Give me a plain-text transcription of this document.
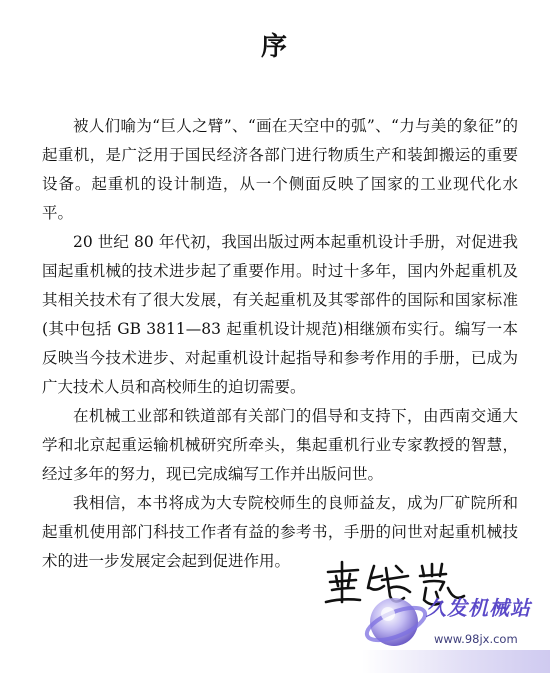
序

被人们喻为“巨人之臂”、“画在天空中的弧”、“力与美的象征”的起重机，是广泛用于国民经济各部门进行物质生产和装卸搬运的重要设备。起重机的设计制造，从一个侧面反映了国家的工业现代化水平。

20 世纪 80 年代初，我国出版过两本起重机设计手册，对促进我国起重机械的技术进步起了重要作用。时过十多年，国内外起重机及其相关技术有了很大发展，有关起重机及其零部件的国际和国家标准(其中包括 GB 3811—83 起重机设计规范)相继颁布实行。编写一本反映当今技术进步、对起重机设计起指导和参考作用的手册，已成为广大技术人员和高校师生的迫切需要。

在机械工业部和铁道部有关部门的倡导和支持下，由西南交通大学和北京起重运输机械研究所牵头，集起重机行业专家教授的智慧，经过多年的努力，现已完成编写工作并出版问世。

我相信，本书将成为大专院校师生的良师益友，成为厂矿院所和起重机使用部门科技工作者有益的参考书，手册的问世对起重机械技术的进一步发展定会起到促进作用。

久发机械站
www.98jx.com
